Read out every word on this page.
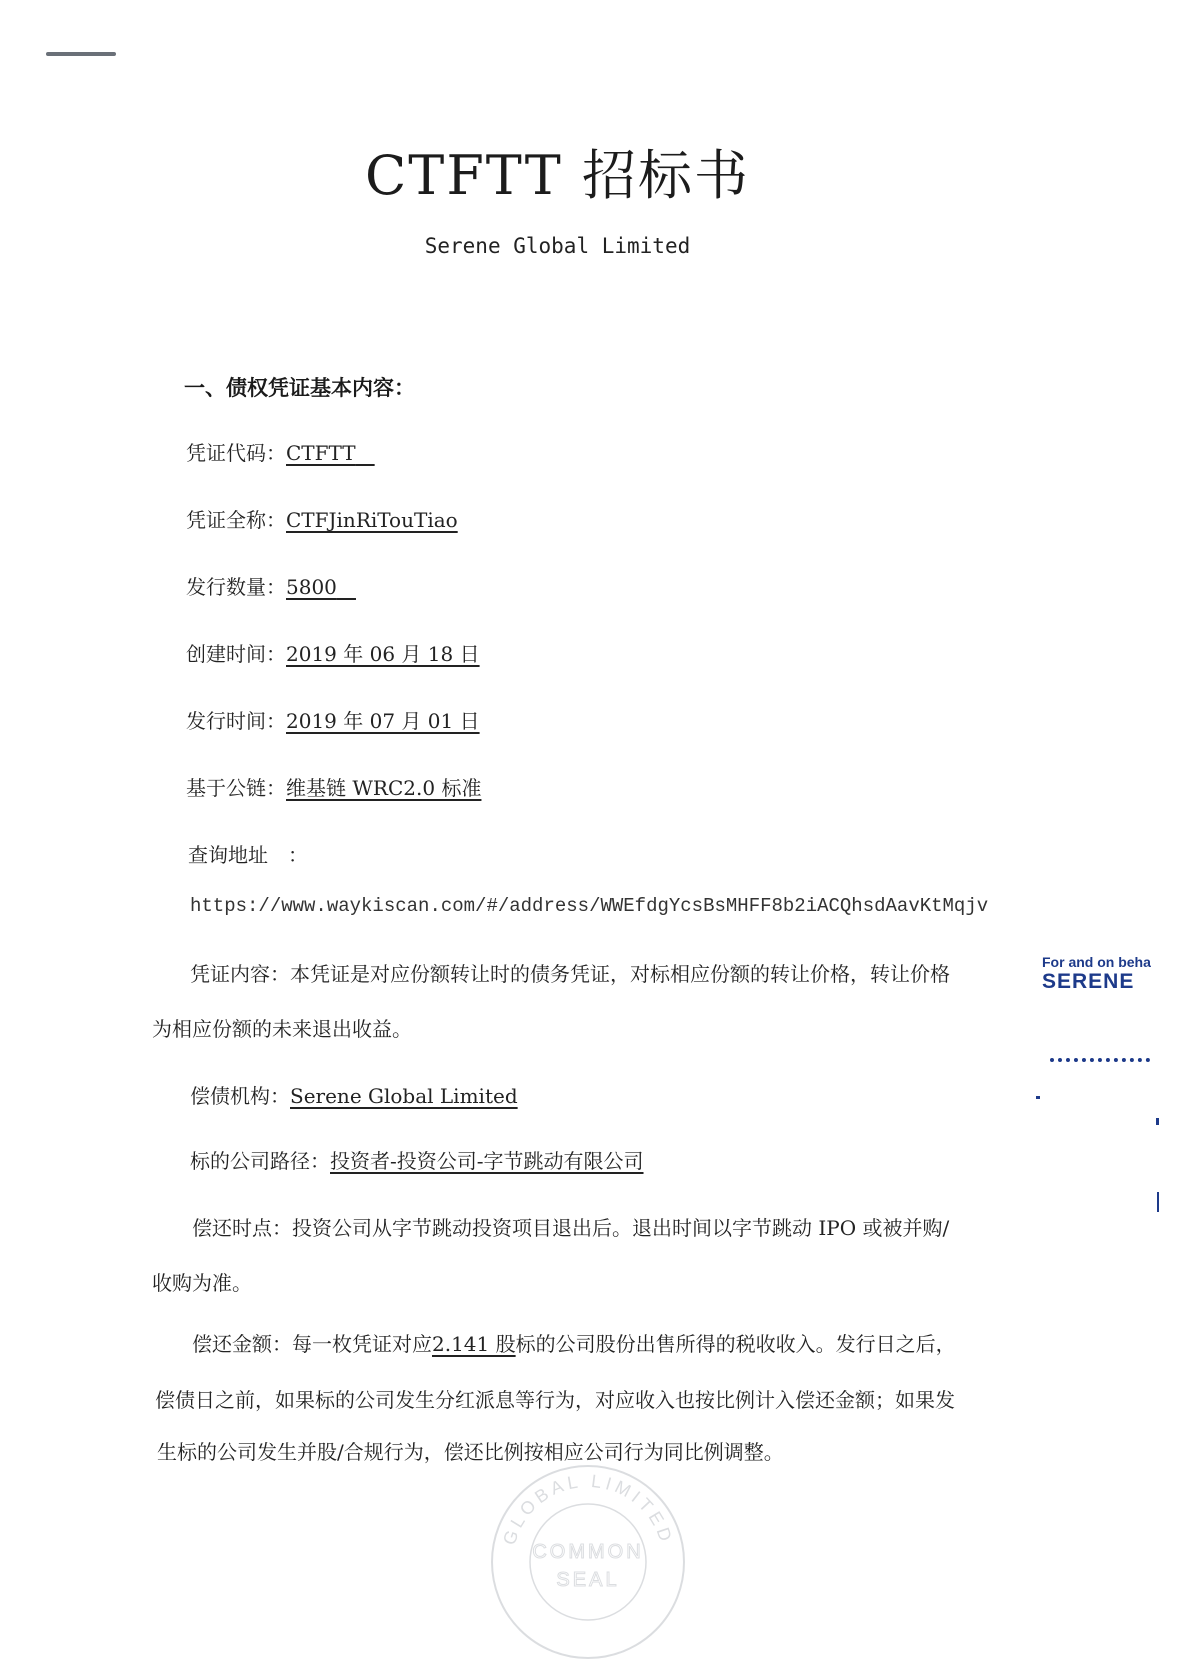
CTFTT 招标书
Serene Global Limited
一、债权凭证基本内容：
凭证代码：CTFTT
凭证全称：CTFJinRiTouTiao
发行数量：5800
创建时间：2019 年 06 月 18 日
发行时间：2019 年 07 月 01 日
基于公链：维基链 WRC2.0 标准
查询地址　：
https://www.waykiscan.com/#/address/WWEfdgYcsBsMHFF8b2iACQhsdAavKtMqjv
凭证内容：本凭证是对应份额转让时的债务凭证，对标相应份额的转让价格，转让价格
为相应份额的未来退出收益。
偿债机构：Serene Global Limited
标的公司路径：投资者-投资公司-字节跳动有限公司
偿还时点：投资公司从字节跳动投资项目退出后。退出时间以字节跳动 IPO 或被并购/
收购为准。
偿还金额：每一枚凭证对应2.141 股标的公司股份出售所得的税收收入。发行日之后，
偿债日之前，如果标的公司发生分红派息等行为，对应收入也按比例计入偿还金额；如果发
生标的公司发生并股/合规行为，偿还比例按相应公司行为同比例调整。
For and on beha
SERENE
GLOBAL LIMITED
COMMON
SEAL
